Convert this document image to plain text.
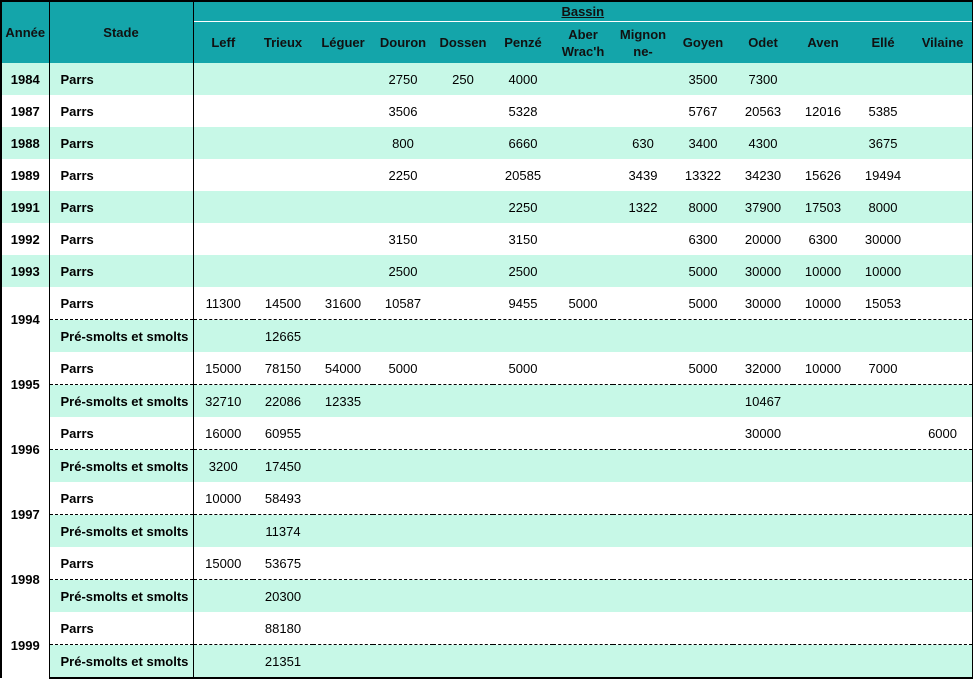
Année	Stade	Bassin												
		Leff	Trieux	Léguer	Douron	Dossen	Penzé	Aber Wrac'h	Mignon ne-	Goyen	Odet	Aven	Ellé	Vilaine
1984	Parrs				2750	250	4000			3500	7300			
1987	Parrs				3506		5328			5767	20563	12016	5385	
1988	Parrs				800		6660		630	3400	4300		3675	
1989	Parrs				2250		20585		3439	13322	34230	15626	19494	
1991	Parrs						2250		1322	8000	37900	17503	8000	
1992	Parrs				3150		3150			6300	20000	6300	30000	
1993	Parrs				2500		2500			5000	30000	10000	10000	
1994	Parrs	11300	14500	31600	10587		9455	5000		5000	30000	10000	15053	
	Pré-smolts et smolts		12665											
1995	Parrs	15000	78150	54000	5000		5000			5000	32000	10000	7000	
	Pré-smolts et smolts	32710	22086	12335							10467			
1996	Parrs	16000	60955								30000			6000
	Pré-smolts et smolts	3200	17450											
1997	Parrs	10000	58493											
	Pré-smolts et smolts		11374											
1998	Parrs	15000	53675											
	Pré-smolts et smolts		20300											
1999	Parrs		88180											
	Pré-smolts et smolts		21351											
